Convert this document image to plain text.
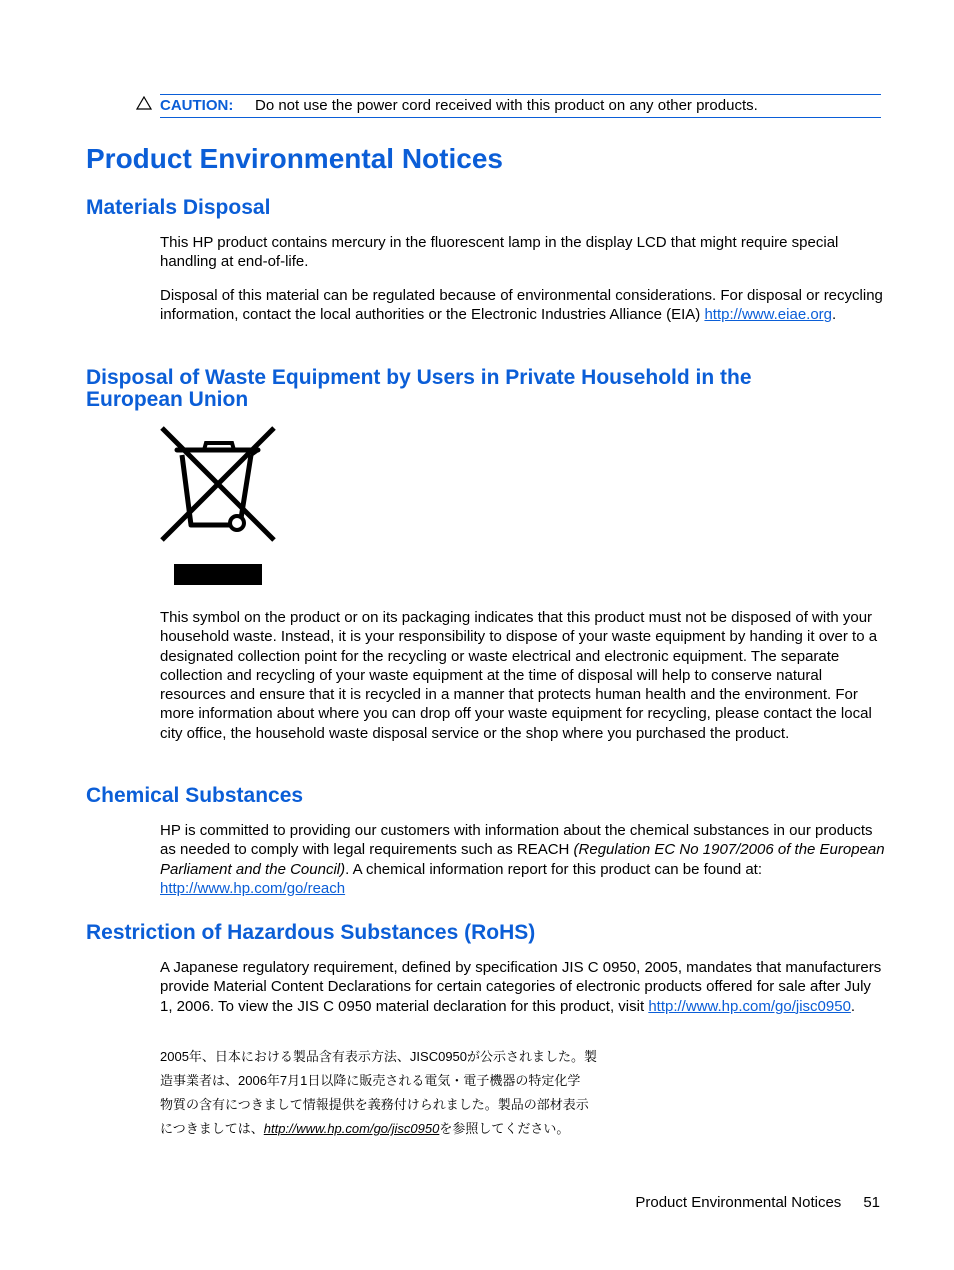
CAUTION: Do not use the power cord received with this product on any other products.
Product Environmental Notices
Materials Disposal

This HP product contains mercury in the fluorescent lamp in the display LCD that might require special handling at end-of-life.

Disposal of this material can be regulated because of environmental considerations. For disposal or recycling information, contact the local authorities or the Electronic Industries Alliance (EIA) http://www.eiae.org.

Disposal of Waste Equipment by Users in Private Household in the European Union

This symbol on the product or on its packaging indicates that this product must not be disposed of with your household waste. Instead, it is your responsibility to dispose of your waste equipment by handing it over to a designated collection point for the recycling or waste electrical and electronic equipment. The separate collection and recycling of your waste equipment at the time of disposal will help to conserve natural resources and ensure that it is recycled in a manner that protects human health and the environment. For more information about where you can drop off your waste equipment for recycling, please contact the local city office, the household waste disposal service or the shop where you purchased the product.

Chemical Substances

HP is committed to providing our customers with information about the chemical substances in our products as needed to comply with legal requirements such as REACH (Regulation EC No 1907/2006 of the European Parliament and the Council). A chemical information report for this product can be found at: http://www.hp.com/go/reach

Restriction of Hazardous Substances (RoHS)

A Japanese regulatory requirement, defined by specification JIS C 0950, 2005, mandates that manufacturers provide Material Content Declarations for certain categories of electronic products offered for sale after July 1, 2006. To view the JIS C 0950 material declaration for this product, visit http://www.hp.com/go/jisc0950.

2005年、日本における製品含有表示方法、JISC0950が公示されました。製
造事業者は、2006年7月1日以降に販売される電気・電子機器の特定化学
物質の含有につきまして情報提供を義務付けられました。製品の部材表示
につきましては、http://www.hp.com/go/jisc0950を参照してください。
Product Environmental Notices 51
